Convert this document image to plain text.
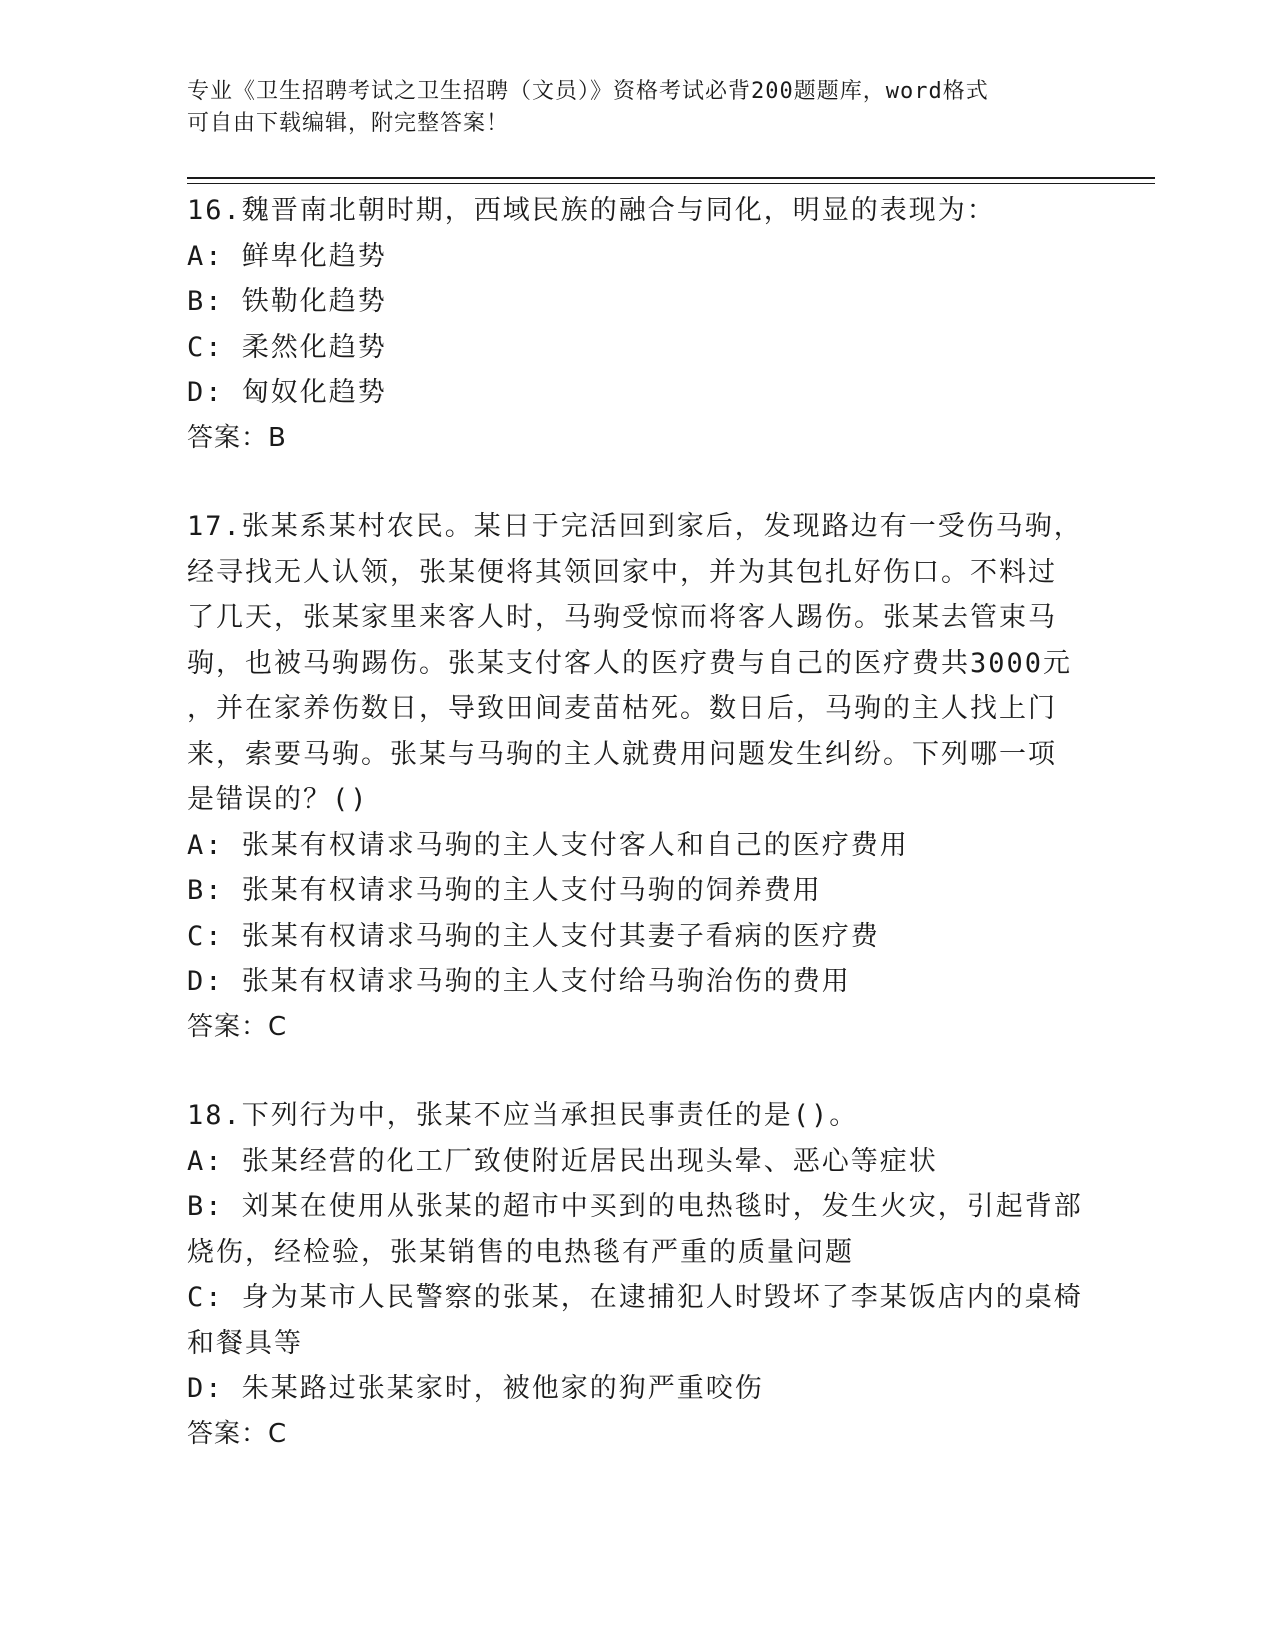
专业《卫生招聘考试之卫生招聘（文员）》资格考试必背200题题库，word格式
可自由下载编辑，附完整答案！
16.魏晋南北朝时期，西域民族的融合与同化，明显的表现为：
A: 鲜卑化趋势
B: 铁勒化趋势
C: 柔然化趋势
D: 匈奴化趋势
答案：B
17.张某系某村农民。某日于完活回到家后，发现路边有一受伤马驹，
经寻找无人认领，张某便将其领回家中，并为其包扎好伤口。不料过
了几天，张某家里来客人时，马驹受惊而将客人踢伤。张某去管束马
驹，也被马驹踢伤。张某支付客人的医疗费与自己的医疗费共3000元
，并在家养伤数日，导致田间麦苗枯死。数日后，马驹的主人找上门
来，索要马驹。张某与马驹的主人就费用问题发生纠纷。下列哪一项
是错误的？()
A: 张某有权请求马驹的主人支付客人和自己的医疗费用
B: 张某有权请求马驹的主人支付马驹的饲养费用
C: 张某有权请求马驹的主人支付其妻子看病的医疗费
D: 张某有权请求马驹的主人支付给马驹治伤的费用
答案：C
18.下列行为中，张某不应当承担民事责任的是()。
A: 张某经营的化工厂致使附近居民出现头晕、恶心等症状
B: 刘某在使用从张某的超市中买到的电热毯时，发生火灾，引起背部
烧伤，经检验，张某销售的电热毯有严重的质量问题
C: 身为某市人民警察的张某，在逮捕犯人时毁坏了李某饭店内的桌椅
和餐具等
D: 朱某路过张某家时，被他家的狗严重咬伤
答案：C
